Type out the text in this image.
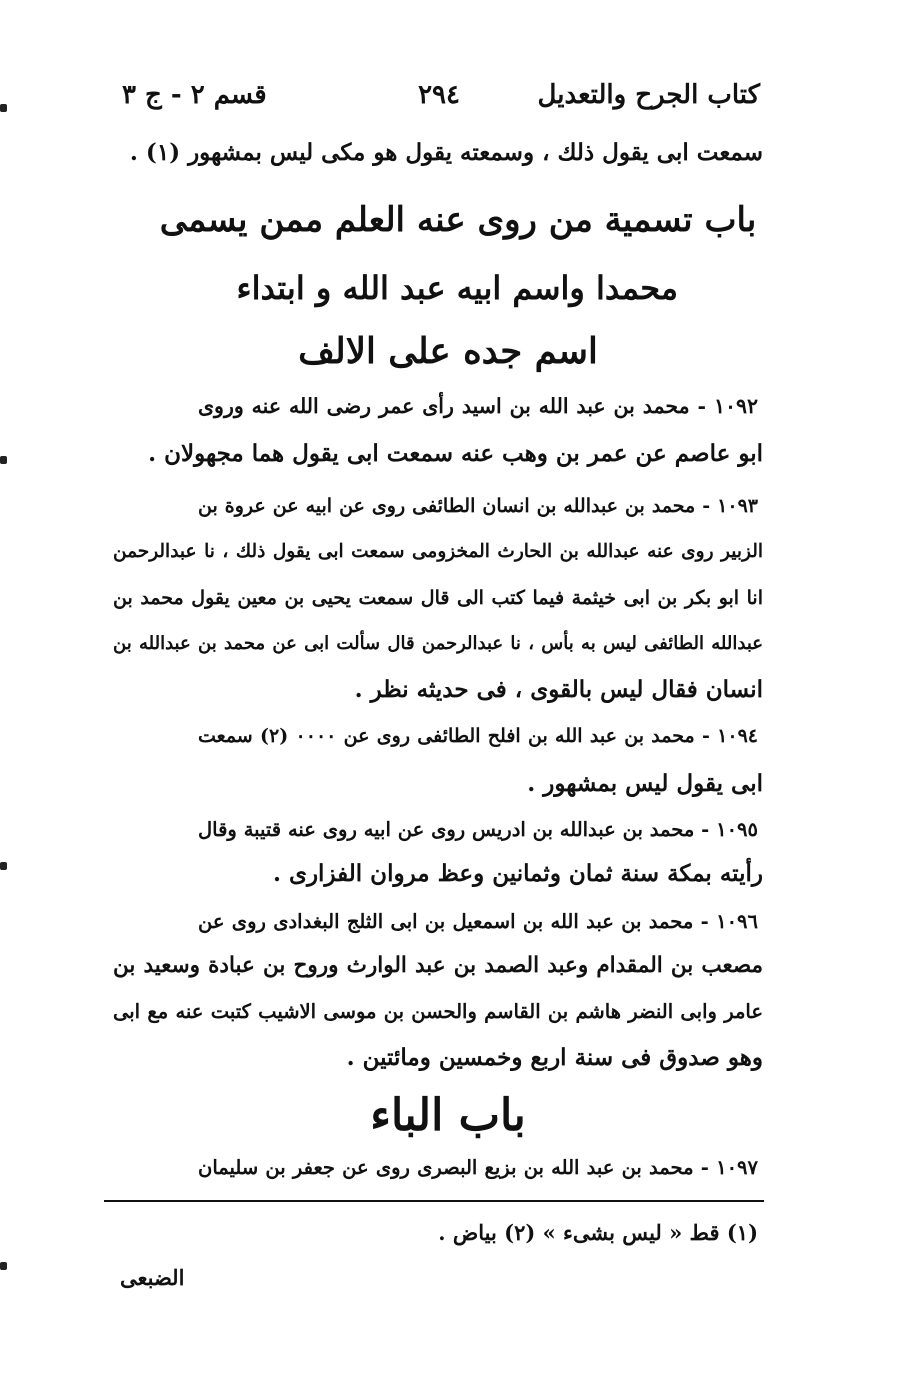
كتاب الجرح والتعديل
٢٩٤
قسم ٢ - ج ٣
سمعت ابى يقول ذلك ، وسمعته يقول هو مكى ليس بمشهور (١) .
باب تسمية من روى عنه العلم ممن يسمى
محمدا واسم ابيه عبد الله و ابتداء
اسم جده على الالف
١٠٩٢ - محمد بن عبد الله بن اسيد رأى عمر رضى الله عنه وروى
ابو عاصم عن عمر بن وهب عنه سمعت ابى يقول هما مجهولان .
١٠٩٣ - محمد بن عبدالله بن انسان الطائفى روى عن ابيه عن عروة بن
الزبير روى عنه عبدالله بن الحارث المخزومى سمعت ابى يقول ذلك ، نا عبدالرحمن
انا ابو بكر بن ابى خيثمة فيما كتب الى قال سمعت يحيى بن معين يقول محمد بن
عبدالله الطائفى ليس به بأس ، نا عبدالرحمن قال سألت ابى عن محمد بن عبدالله بن
انسان فقال ليس بالقوى ، فى حديثه نظر .
١٠٩٤ - محمد بن عبد الله بن افلح الطائفى روى عن ٠٠٠٠ (٢) سمعت
ابى يقول ليس بمشهور .
١٠٩٥ - محمد بن عبدالله بن ادريس روى عن ابيه روى عنه قتيبة وقال
رأيته بمكة سنة ثمان وثمانين وعظ مروان الفزارى .
١٠٩٦ - محمد بن عبد الله بن اسمعيل بن ابى الثلج البغدادى روى عن
مصعب بن المقدام وعبد الصمد بن عبد الوارث وروح بن عبادة وسعيد بن
عامر وابى النضر هاشم بن القاسم والحسن بن موسى الاشيب كتبت عنه مع ابى
وهو صدوق فى سنة اربع وخمسين ومائتين .
باب الباء
١٠٩٧ - محمد بن عبد الله بن بزيع البصرى روى عن جعفر بن سليمان
(١) قط « ليس بشىء » (٢) بياض .
الضبعى
